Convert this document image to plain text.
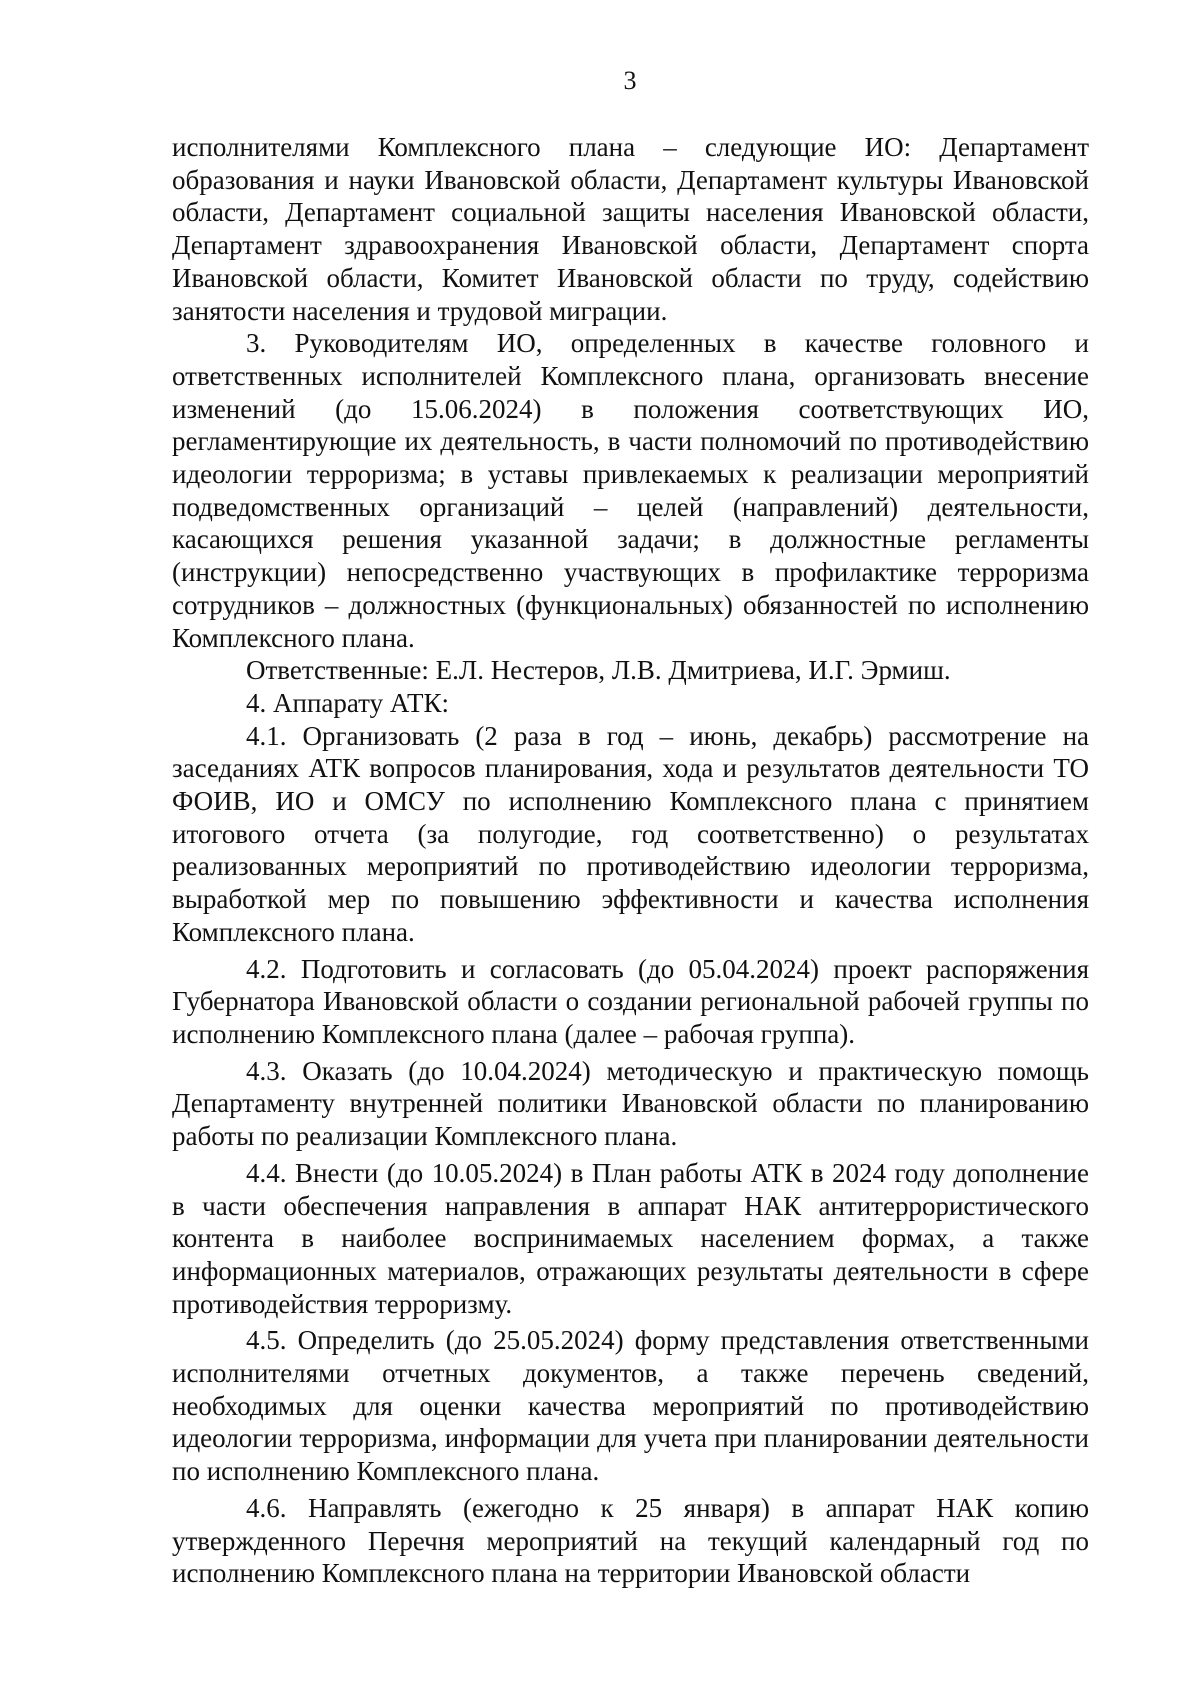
3

исполнителями Комплексного плана – следующие ИО: Департамент образования и науки Ивановской области, Департамент культуры Ивановской области, Департамент социальной защиты населения Ивановской области, Департамент здравоохранения Ивановской области, Департамент спорта Ивановской области, Комитет Ивановской области по труду, содействию занятости населения и трудовой миграции.

3. Руководителям ИО, определенных в качестве головного и ответственных исполнителей Комплексного плана, организовать внесение изменений (до 15.06.2024) в положения соответствующих ИО, регламентирующие их деятельность, в части полномочий по противодействию идеологии терроризма; в уставы привлекаемых к реализации мероприятий подведомственных организаций – целей (направлений) деятельности, касающихся решения указанной задачи; в должностные регламенты (инструкции) непосредственно участвующих в профилактике терроризма сотрудников – должностных (функциональных) обязанностей по исполнению Комплексного плана.

Ответственные: Е.Л. Нестеров, Л.В. Дмитриева, И.Г. Эрмиш.

4. Аппарату АТК:

4.1. Организовать (2 раза в год – июнь, декабрь) рассмотрение на заседаниях АТК вопросов планирования, хода и результатов деятельности ТО ФОИВ, ИО и ОМСУ по исполнению Комплексного плана с принятием итогового отчета (за полугодие, год соответственно) о результатах реализованных мероприятий по противодействию идеологии терроризма, выработкой мер по повышению эффективности и качества исполнения Комплексного плана.

4.2. Подготовить и согласовать (до 05.04.2024) проект распоряжения Губернатора Ивановской области о создании региональной рабочей группы по исполнению Комплексного плана (далее – рабочая группа).

4.3. Оказать (до 10.04.2024) методическую и практическую помощь Департаменту внутренней политики Ивановской области по планированию работы по реализации Комплексного плана.

4.4. Внести (до 10.05.2024) в План работы АТК в 2024 году дополнение в части обеспечения направления в аппарат НАК антитеррористического контента в наиболее воспринимаемых населением формах, а также информационных материалов, отражающих результаты деятельности в сфере противодействия терроризму.

4.5. Определить (до 25.05.2024) форму представления ответственными исполнителями отчетных документов, а также перечень сведений, необходимых для оценки качества мероприятий по противодействию идеологии терроризма, информации для учета при планировании деятельности по исполнению Комплексного плана.

4.6. Направлять (ежегодно к 25 января) в аппарат НАК копию утвержденного Перечня мероприятий на текущий календарный год по исполнению Комплексного плана на территории Ивановской области
